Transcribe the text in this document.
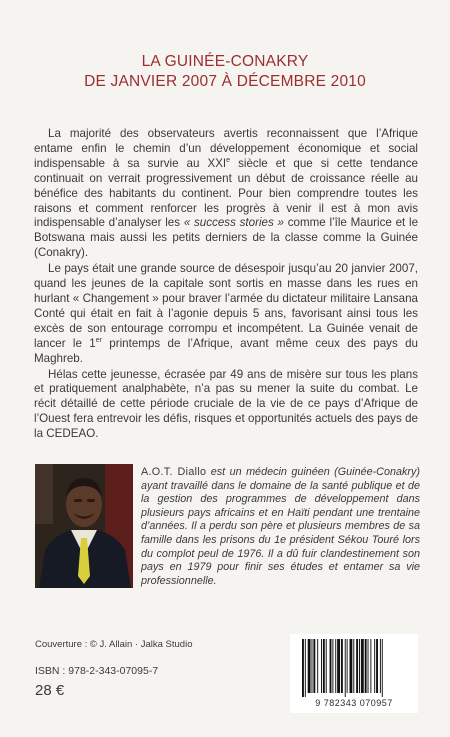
LA GUINÉE-CONAKRY
DE JANVIER 2007 À DÉCEMBRE 2010

La majorité des observateurs avertis reconnaissent que l’Afrique entame enfin le chemin d’un développement économique et social indispensable à sa survie au XXIe siècle et que si cette tendance continuait on verrait progressivement un début de croissance réelle au bénéfice des habitants du continent. Pour bien comprendre toutes les raisons et comment renforcer les progrès à venir il est à mon avis indispensable d’analyser les « success stories » comme l’île Maurice et le Botswana mais aussi les petits derniers de la classe comme la Guinée (Conakry).

Le pays était une grande source de désespoir jusqu’au 20 janvier 2007, quand les jeunes de la capitale sont sortis en masse dans les rues en hurlant « Changement » pour braver l’armée du dictateur militaire Lansana Conté qui était en fait à l’agonie depuis 5 ans, favorisant ainsi tous les excès de son entourage corrompu et incompétent. La Guinée venait de lancer le 1er printemps de l’Afrique, avant même ceux des pays du Maghreb.

Hélas cette jeunesse, écrasée par 49 ans de misère sur tous les plans et pratiquement analphabète, n’a pas su mener la suite du combat. Le récit détaillé de cette période cruciale de la vie de ce pays d’Afrique de l’Ouest fera entrevoir les défis, risques et opportunités actuels des pays de la CEDEAO.

A.O.T. Diallo est un médecin guinéen (Guinée-Conakry) ayant travaillé dans le domaine de la santé publique et de la gestion des programmes de développement dans plusieurs pays africains et en Haïti pendant une trentaine d’années. Il a perdu son père et plusieurs membres de sa famille dans les prisons du 1e président Sékou Touré lors du complot peul de 1976. Il a dû fuir clandestinement son pays en 1979 pour finir ses études et entamer sa vie professionnelle.
Couverture : © J. Allain · Jalka Studio
ISBN : 978-2-343-07095-7
28 €
9 782343 070957
